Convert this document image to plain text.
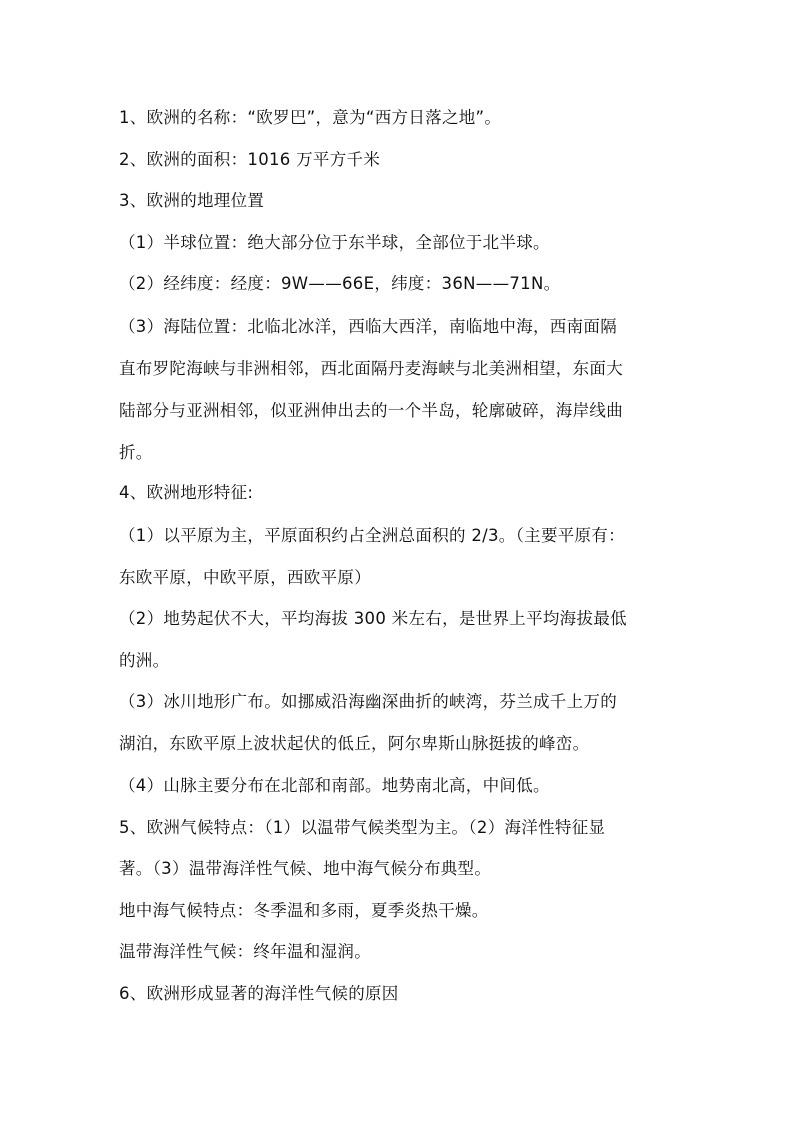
1、欧洲的名称：“欧罗巴”，意为“西方日落之地”。

2、欧洲的面积：1016 万平方千米

3、欧洲的地理位置

（1）半球位置：绝大部分位于东半球，全部位于北半球。

（2）经纬度：经度：9W——66E，纬度：36N——71N。

（3）海陆位置：北临北冰洋，西临大西洋，南临地中海，西南面隔

直布罗陀海峡与非洲相邻，西北面隔丹麦海峡与北美洲相望，东面大

陆部分与亚洲相邻，似亚洲伸出去的一个半岛，轮廓破碎，海岸线曲

折。

4、欧洲地形特征:

（1）以平原为主，平原面积约占全洲总面积的 2/3。（主要平原有：

东欧平原，中欧平原，西欧平原）

（2）地势起伏不大，平均海拔 300 米左右，是世界上平均海拔最低

的洲。

（3）冰川地形广布。如挪威沿海幽深曲折的峡湾，芬兰成千上万的

湖泊，东欧平原上波状起伏的低丘，阿尔卑斯山脉挺拔的峰峦。

（4）山脉主要分布在北部和南部。地势南北高，中间低。

5、欧洲气候特点：（1）以温带气候类型为主。（2）海洋性特征显

著。（3）温带海洋性气候、地中海气候分布典型。

地中海气候特点：冬季温和多雨，夏季炎热干燥。

温带海洋性气候：终年温和湿润。

6、欧洲形成显著的海洋性气候的原因
